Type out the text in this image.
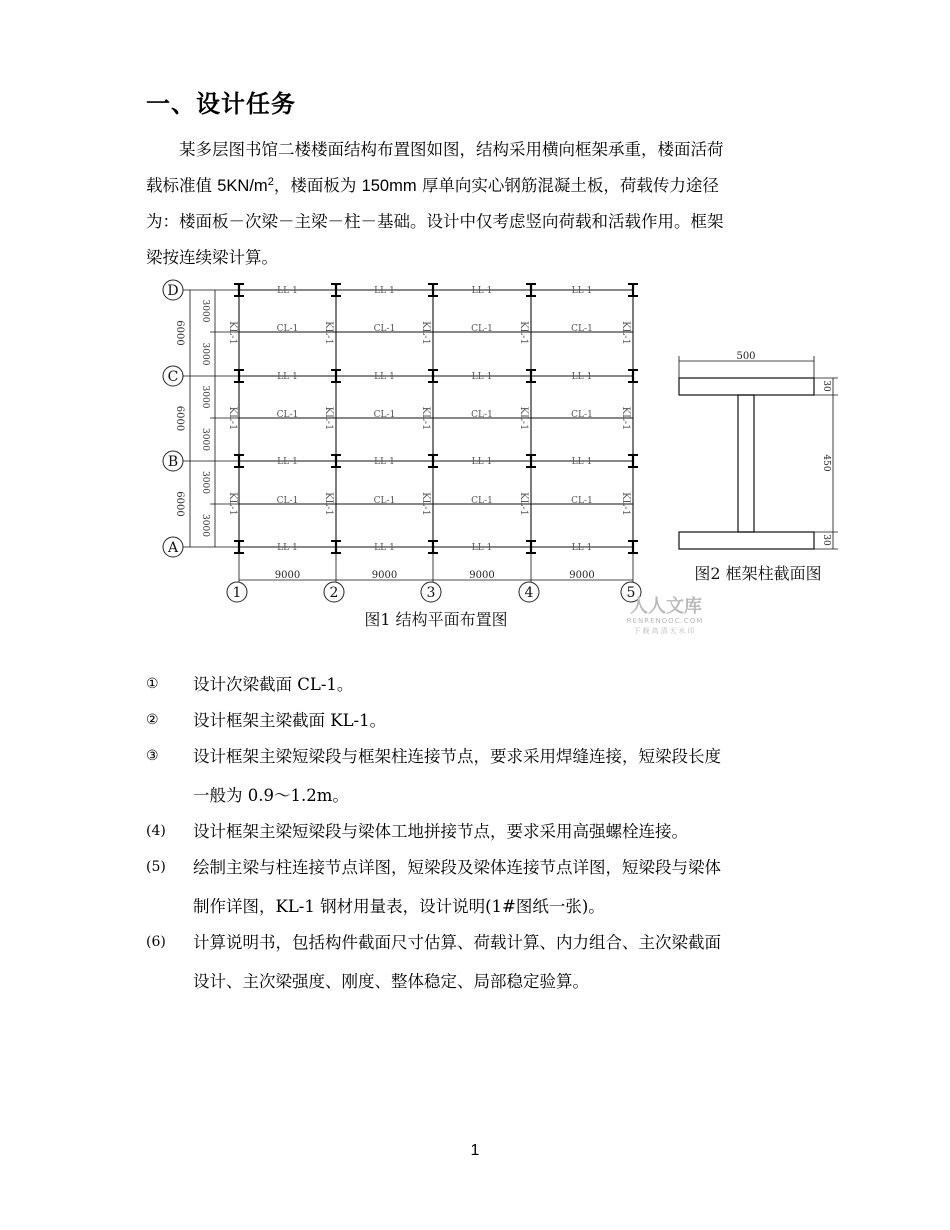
一、设计任务

某多层图书馆二楼楼面结构布置图如图，结构采用横向框架承重，楼面活荷
载标准值 $5KN/m^2$，楼面板为 150mm 厚单向实心钢筋混凝土板，荷载传力途径
为：楼面板－次梁－主梁－柱－基础。设计中仅考虑竖向荷载和活载作用。框架
梁按连续梁计算。

LL-1
LL-1
LL-1
LL-1
CL-1
CL-1
CL-1
LL-1
LL-1
LL-1
LL-1
CL-1
CL-1
CL-1
LL-1
LL-1
LL-1
LL-1
CL-1
CL-1
CL-1
LL-1
LL-1
LL-1
LL-1
CL-1
CL-1
CL-1
KL-1
KL-1
KL-1
KL-1
KL-1
KL-1
KL-1
KL-1
KL-1
KL-1
KL-1
KL-1
KL-1
KL-1
KL-1
6000
3000
3000
6000
3000
3000
6000
3000
3000
D
C
B
A
9000	9000	9000	9000
1	2	3	4	5
图1 结构平面布置图
500
30
450
30
图2 框架柱截面图
人人文库
RENRENDOC.COM
下载高清无水印
①	设计次梁截面 CL-1。
②	设计框架主梁截面 KL-1。
③	设计框架主梁短梁段与框架柱连接节点，要求采用焊缝连接，短梁段长度
一般为 0.9～1.2m。
(4)	设计框架主梁短梁段与梁体工地拼接节点，要求采用高强螺栓连接。
(5)	绘制主梁与柱连接节点详图，短梁段及梁体连接节点详图，短梁段与梁体
制作详图，KL-1 钢材用量表，设计说明(1#图纸一张)。
(6)	计算说明书，包括构件截面尺寸估算、荷载计算、内力组合、主次梁截面
设计、主次梁强度、刚度、整体稳定、局部稳定验算。
1
